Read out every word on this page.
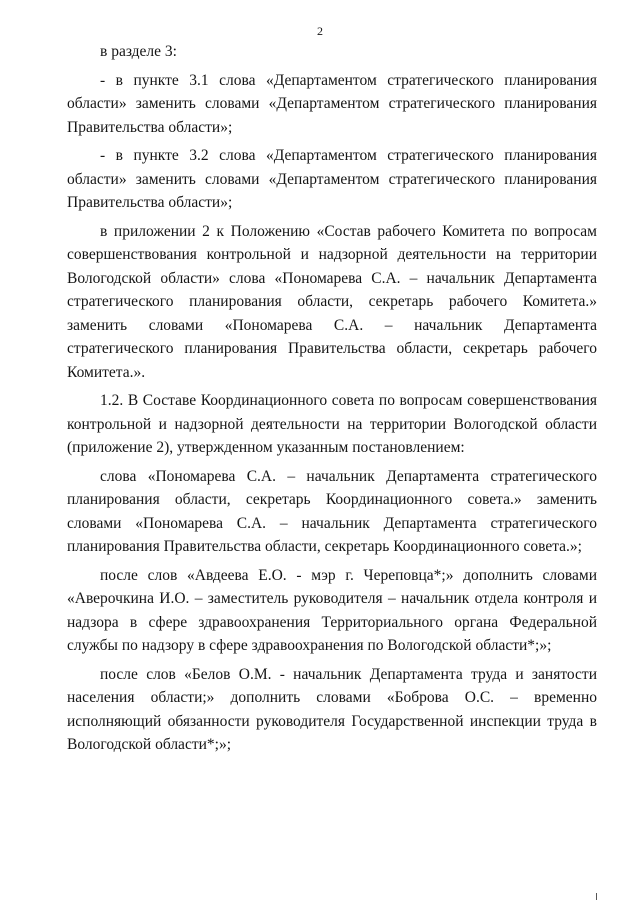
2

в разделе 3:

- в пункте 3.1 слова «Департаментом стратегического планирования области» заменить словами «Департаментом стратегического планирования Правительства области»;

- в пункте 3.2 слова «Департаментом стратегического планирования области» заменить словами «Департаментом стратегического планирования Правительства области»;

в приложении 2 к Положению «Состав рабочего Комитета по вопросам совершенствования контрольной и надзорной деятельности на территории Вологодской области» слова «Пономарева С.А. – начальник Департамента стратегического планирования области, секретарь рабочего Комитета.» заменить словами «Пономарева С.А. – начальник Департамента стратегического планирования Правительства области, секретарь рабочего Комитета.».

1.2. В Составе Координационного совета по вопросам совершенствования контрольной и надзорной деятельности на территории Вологодской области (приложение 2), утвержденном указанным постановлением:

слова «Пономарева С.А. – начальник Департамента стратегического планирования области, секретарь Координационного совета.» заменить словами «Пономарева С.А. – начальник Департамента стратегического планирования Правительства области, секретарь Координационного совета.»;

после слов «Авдеева Е.О. - мэр г. Череповца*;» дополнить словами «Аверочкина И.О. – заместитель руководителя – начальник отдела контроля и надзора в сфере здравоохранения Территориального органа Федеральной службы по надзору в сфере здравоохранения по Вологодской области*;»;

после слов «Белов О.М. - начальник Департамента труда и занятости населения области;» дополнить словами «Боброва О.С. – временно исполняющий обязанности руководителя Государственной инспекции труда в Вологодской области*;»;
